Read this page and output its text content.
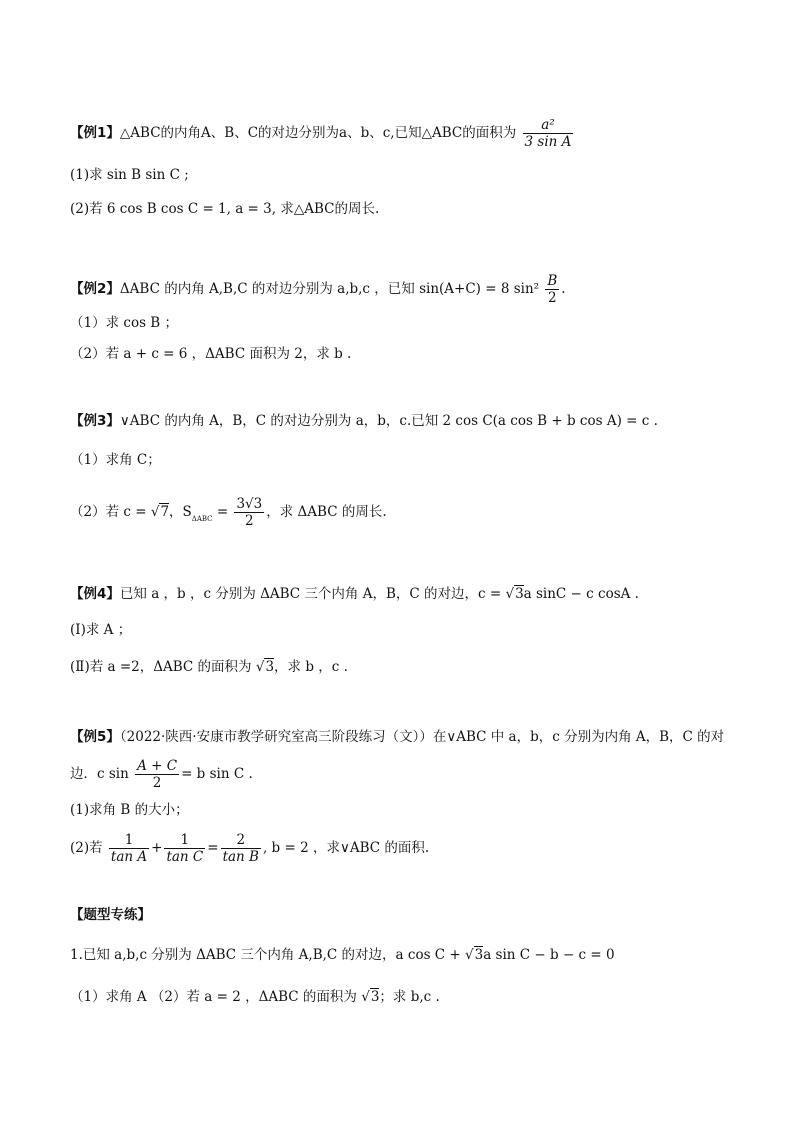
【例1】△ABC的内角A、B、C的对边分别为a、b、c,已知△ABC的面积为 $\frac{\text{a²}}{\text{3 sin A}}$
(1)求 sin B sin C ;
(2)若 6 cos B cos C = 1, a = 3, 求△ABC的周长.
【例2】ΔABC 的内角 A,B,C 的对边分别为 a,b,c ，已知 sin(A+C) = 8 $\sin^2 \frac{B}{2}$ .
（1）求 cos B ；
（2）若 a + c = 6 ，ΔABC 面积为 2，求 b .
【例3】∨ABC 的内角 A，B，C 的对边分别为 a，b，c.已知 2 cos C(a cos B + b cos A) = c .
（1）求角 C；
（2）若 c = √7，$S_{\Delta ABC} = \frac{3√3}{2}$ ，求 ΔABC 的周长.
【例4】已知 a ，b ，c 分别为 ΔABC 三个内角 A，B，C 的对边，c = √3a sinC − c cosA .
(Ⅰ)求 A ；
(Ⅱ)若 a =2，ΔABC 的面积为 √3，求 b ，c .
【例5】（2022·陕西·安康市教学研究室高三阶段练习（文））在∨ABC 中 a，b，c 分别为内角 A，B，C 的对
边．c $\sin \frac{A + C}{2} = b$ sin C .
(1)求角 B 的大小；
(2)若 $\frac{1}{\text{tan A}} + \frac{1}{\text{tan C}} = \frac{2}{\text{tan B}}$ , b = 2 ，求∨ABC 的面积.
【题型专练】
1.已知 a,b,c 分别为 ΔABC 三个内角 A,B,C 的对边，a cos C + √3a sin C − b − c = 0
（1）求角 A （2）若 a = 2 ，ΔABC 的面积为 √3；求 b,c .
